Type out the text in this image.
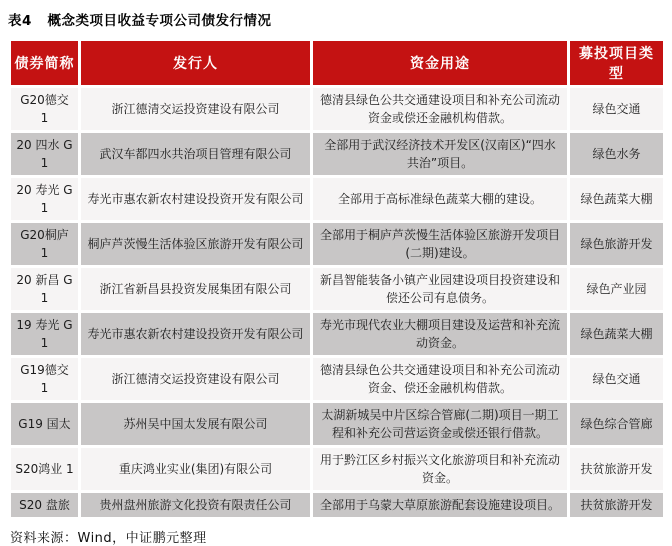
表4   概念类项目收益专项公司债发行情况
债券简称	发行人	资金用途	募投项目类型
G20德交 1	浙江德清交运投资建设有限公司	德清县绿色公共交通建设项目和补充公司流动资金或偿还金融机构借款。	绿色交通
20 四水 G1	武汉车都四水共治项目管理有限公司	全部用于武汉经济技术开发区(汉南区)“四水共治”项目。	绿色水务
20 寿光 G1	寿光市惠农新农村建设投资开发有限公司	全部用于高标准绿色蔬菜大棚的建设。	绿色蔬菜大棚
G20桐庐 1	桐庐芦茨慢生活体验区旅游开发有限公司	全部用于桐庐芦茨慢生活体验区旅游开发项目(二期)建设。	绿色旅游开发
20 新昌 G1	浙江省新昌县投资发展集团有限公司	新昌智能装备小镇产业园建设项目投资建设和偿还公司有息债务。	绿色产业园
19 寿光 G1	寿光市惠农新农村建设投资开发有限公司	寿光市现代农业大棚项目建设及运营和补充流动资金。	绿色蔬菜大棚
G19德交 1	浙江德清交运投资建设有限公司	德清县绿色公共交通建设项目和补充公司流动资金、偿还金融机构借款。	绿色交通
G19 国太	苏州吴中国太发展有限公司	太湖新城吴中片区综合管廊(二期)项目一期工程和补充公司营运资金或偿还银行借款。	绿色综合管廊
S20鸿业 1	重庆鸿业实业(集团)有限公司	用于黔江区乡村振兴文化旅游项目和补充流动资金。	扶贫旅游开发
S20 盘旅	贵州盘州旅游文化投资有限责任公司	全部用于乌蒙大草原旅游配套设施建设项目。	扶贫旅游开发
资料来源：Wind，中证鹏元整理
